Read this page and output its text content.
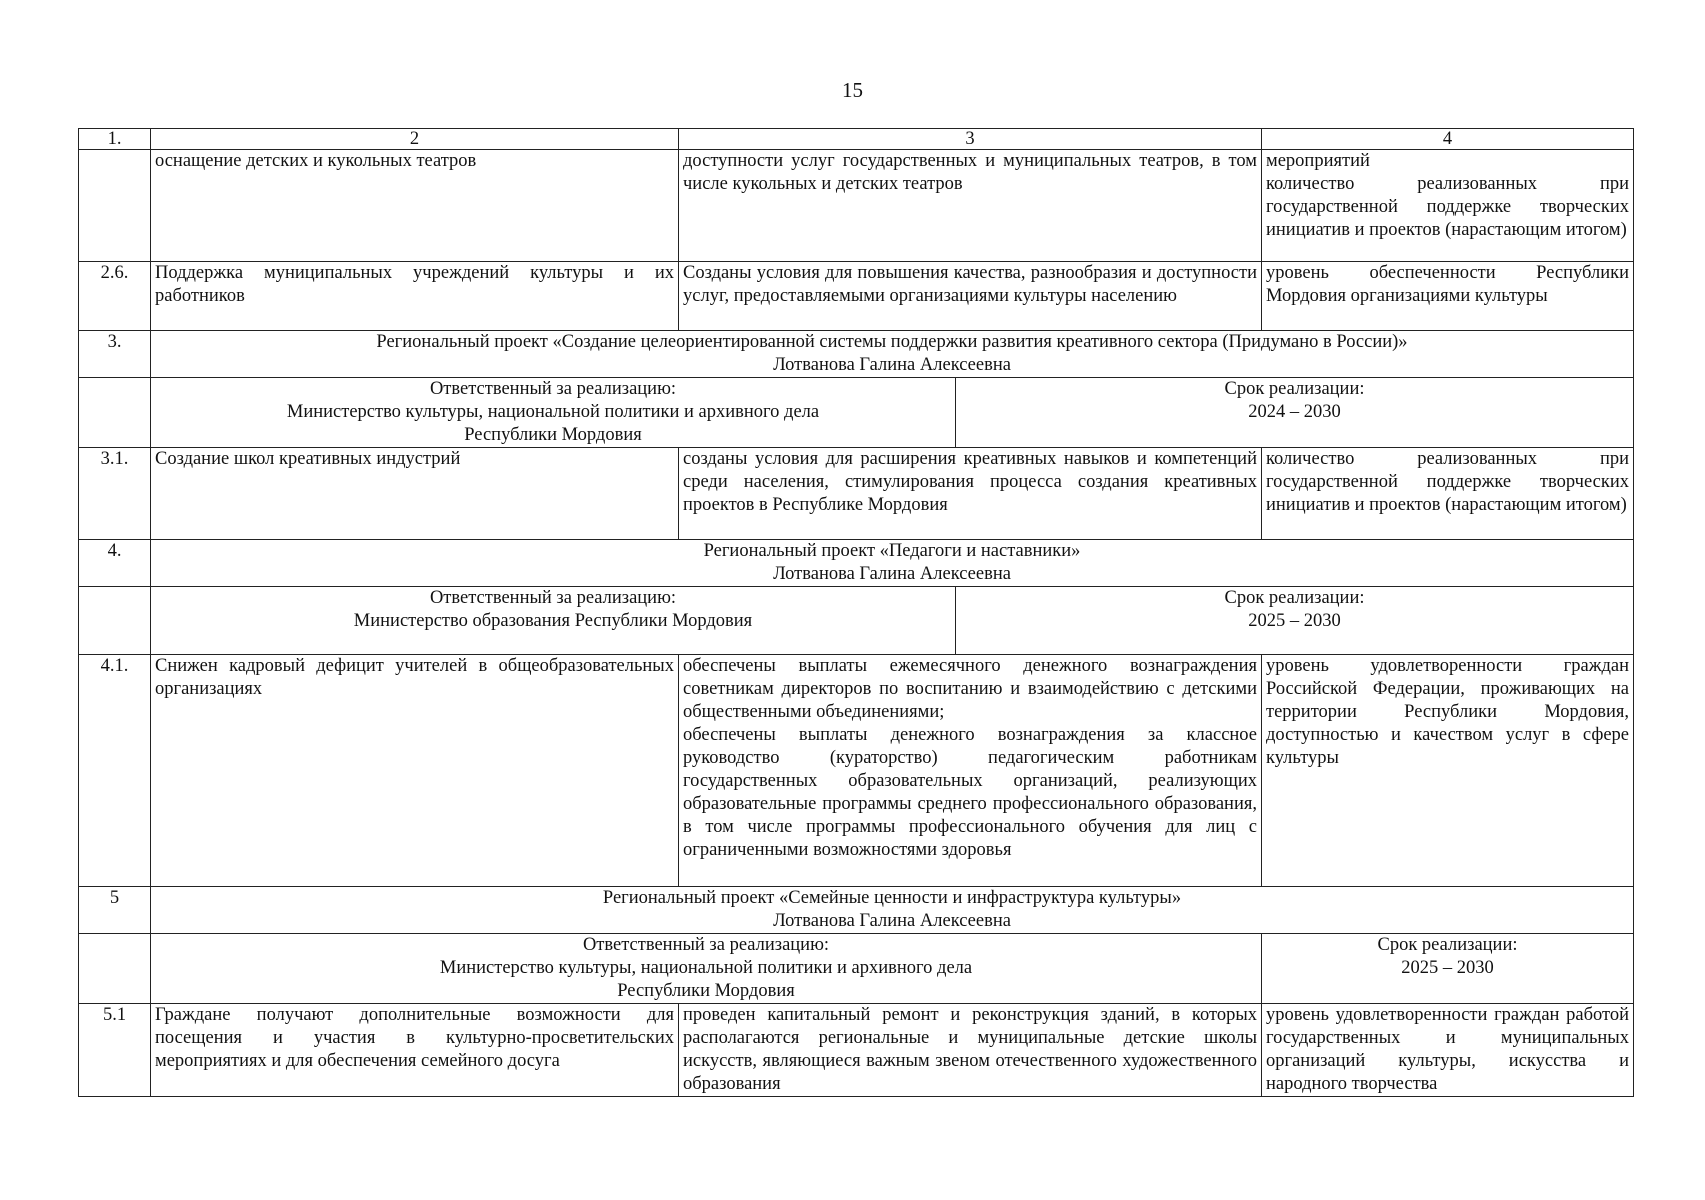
15
1.	2	3		4
	оснащение детских и кукольных театров	доступности услуг государственных и муниципальных театров, в том числе кукольных и детских театров		мероприятий
количество реализованных при государственной поддержке творческих инициатив и проектов (нарастающим итогом)

2.6.	Поддержка муниципальных учреждений культуры и их работников	Созданы условия для повышения качества, разнообразия и доступности услуг, предоставляемыми организациями культуры населению		уровень обеспеченности Республики Мордовия организациями культуры
3.	Региональный проект «Создание целеориентированной системы поддержки развития креативного сектора (Придумано в России)»
Лотванова Галина Алексеевна			

	Ответственный за реализацию:
Министерство культуры, национальной политики и архивного дела
Республики Мордовия		Срок реализации:
2024 – 2030	

3.1.	Создание школ креативных индустрий	созданы условия для расширения креативных навыков и компетенций среди населения, стимулирования процесса создания креативных проектов в Республике Мордовия		количество реализованных при государственной поддержке творческих инициатив и проектов (нарастающим итогом)
4.	Региональный проект «Педагоги и наставники»
Лотванова Галина Алексеевна			

	Ответственный за реализацию:
Министерство образования Республики Мордовия		Срок реализации:
2025 – 2030	

4.1.	Снижен кадровый дефицит учителей в общеобразовательных организациях	обеспечены выплаты ежемесячного денежного вознаграждения советникам директоров по воспитанию и взаимодействию с детскими общественными объединениями;
обеспечены выплаты денежного вознаграждения за классное руководство (кураторство) педагогическим работникам государственных образовательных организаций, реализующих образовательные программы среднего профессионального образования, в том числе программы профессионального обучения для лиц с ограниченными возможностями здоровья		уровень удовлетворенности граждан Российской Федерации, проживающих на территории Республики Мордовия, доступностью и качеством услуг в сфере культуры
5	Региональный проект «Семейные ценности и инфраструктура культуры»
Лотванова Галина Алексеевна			

	Ответственный за реализацию:
Министерство культуры, национальной политики и архивного дела
Республики Мордовия			Срок реализации:
2025 – 2030

5.1	Граждане получают дополнительные возможности для посещения и участия в культурно-просветительских мероприятиях и для обеспечения семейного досуга	проведен капитальный ремонт и реконструкция зданий, в которых располагаются региональные и муниципальные детские школы искусств, являющиеся важным звеном отечественного художественного образования		уровень удовлетворенности граждан работой государственных и муниципальных организаций культуры, искусства и народного творчества
